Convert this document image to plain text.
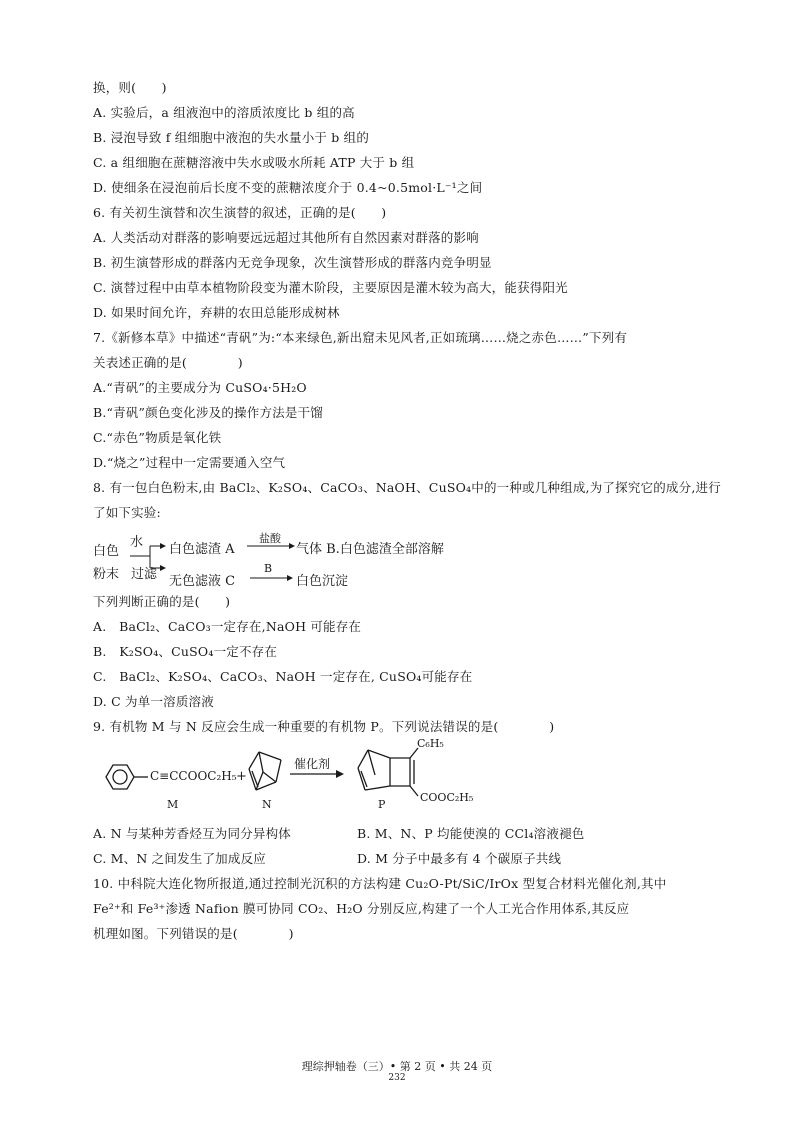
换，则(　　)
A. 实验后，a 组液泡中的溶质浓度比 b 组的高
B. 浸泡导致 f 组细胞中液泡的失水量小于 b 组的
C. a 组细胞在蔗糖溶液中失水或吸水所耗 ATP 大于 b 组
D. 使细条在浸泡前后长度不变的蔗糖浓度介于 0.4~0.5mol·L⁻¹之间
6. 有关初生演替和次生演替的叙述，正确的是(　　)
A. 人类活动对群落的影响要远远超过其他所有自然因素对群落的影响
B. 初生演替形成的群落内无竞争现象，次生演替形成的群落内竞争明显
C. 演替过程中由草本植物阶段变为灌木阶段，主要原因是灌木较为高大，能获得阳光
D. 如果时间允许，弃耕的农田总能形成树林
7.《新修本草》中描述“青矾”为:“本来绿色,新出窟未见风者,正如琉璃……烧之赤色……”下列有
关表述正确的是(　　　　)
A.“青矾”的主要成分为 CuSO₄·5H₂O
B.“青矾”颜色变化涉及的操作方法是干馏
C.“赤色”物质是氧化铁
D.“烧之”过程中一定需要通入空气
8. 有一包白色粉末,由 BaCl₂、K₂SO₄、CaCO₃、NaOH、CuSO₄中的一种或几种组成,为了探究它的成分,进行
了如下实验:
白色
粉末
水
过滤
白色滤渣 A
盐酸
气体 B.白色滤渣全部溶解
无色滤液 C
B
白色沉淀
下列判断正确的是(　　)
A.　BaCl₂、CaCO₃一定存在,NaOH 可能存在
B.　K₂SO₄、CuSO₄一定不存在
C.　BaCl₂、K₂SO₄、CaCO₃、NaOH 一定存在, CuSO₄可能存在
D. C 为单一溶质溶液
9. 有机物 M 与 N 反应会生成一种重要的有机物 P。下列说法错误的是(　　　　)
C≡CCOOC₂H₅ +
催化剂
C₆H₅
COOC₂H₅
M	N	P
A. N 与某种芳香烃互为同分异构体	B. M、N、P 均能使溴的 CCl₄溶液褪色
C. M、N 之间发生了加成反应	D. M 分子中最多有 4 个碳原子共线
10. 中科院大连化物所报道,通过控制光沉积的方法构建 Cu₂O-Pt/SiC/IrOx 型复合材料光催化剂,其中
Fe²⁺和 Fe³⁺渗透 Nafion 膜可协同 CO₂、H₂O 分别反应,构建了一个人工光合作用体系,其反应
机理如图。下列错误的是(　　　　)
理综押轴卷（三）• 第 2 页 • 共 24 页
232
